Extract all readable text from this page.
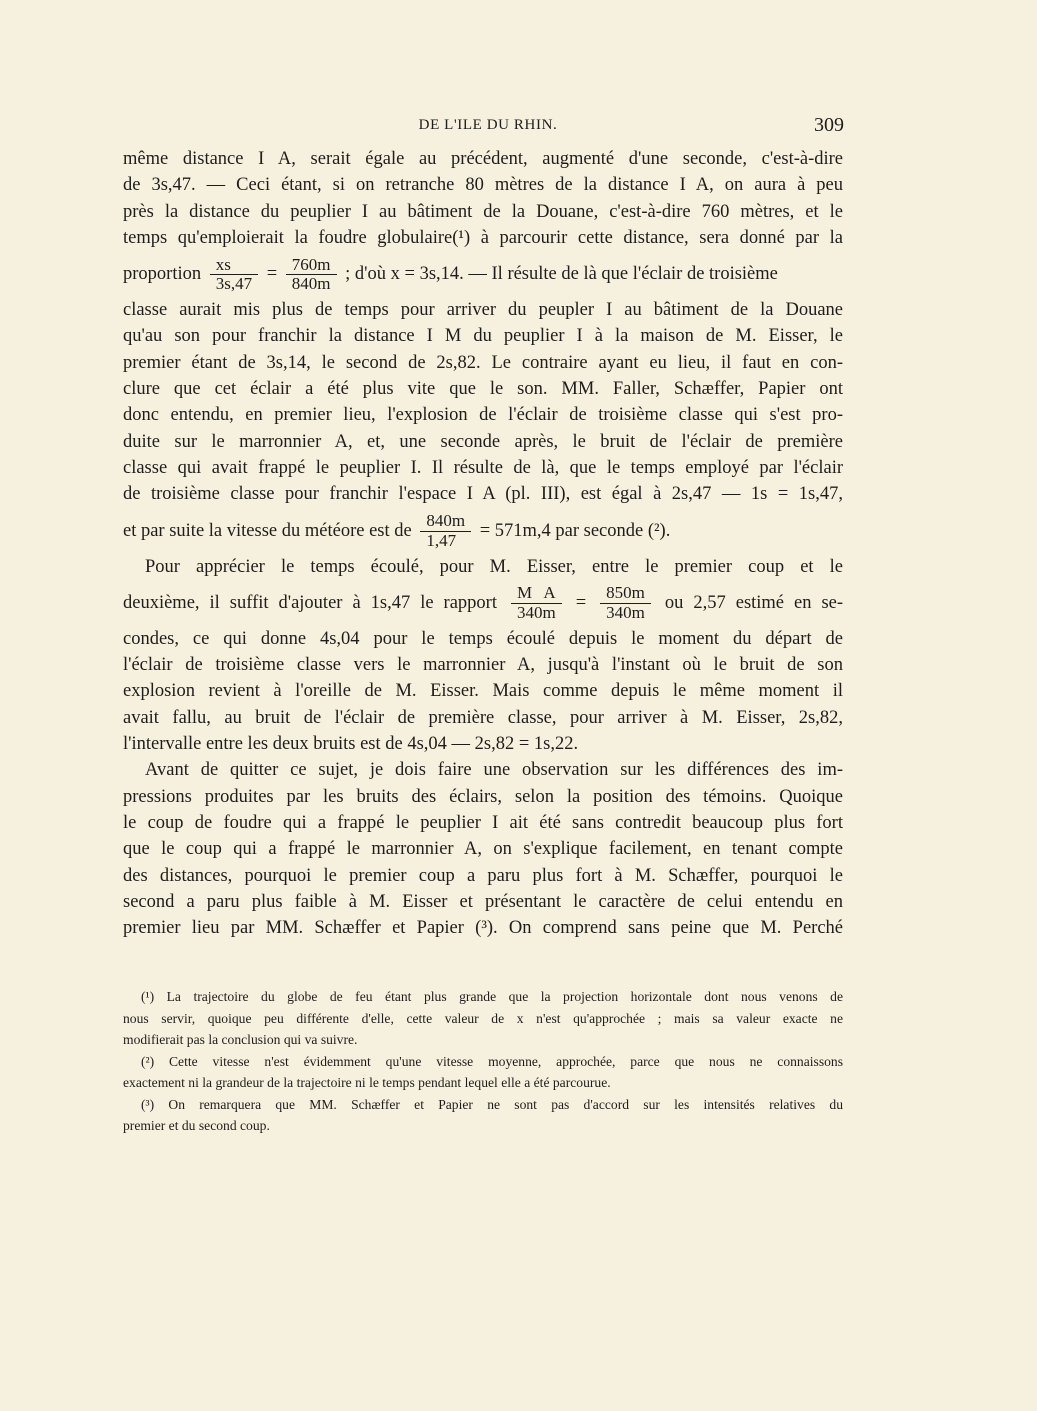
DE L'ILE DU RHIN.	309
même distance I A, serait égale au précédent, augmenté d'une seconde, c'est-à-dire
de 3s,47. — Ceci étant, si on retranche 80 mètres de la distance I A, on aura à peu
près la distance du peuplier I au bâtiment de la Douane, c'est-à-dire 760 mètres, et le
temps qu'emploierait la foudre globulaire(¹) à parcourir cette distance, sera donné par la
proportion $\frac{xs}{3s,47} = \frac{760m}{840m}$ ; d'où x = 3s,14. — Il résulte de là que l'éclair de troisième
classe aurait mis plus de temps pour arriver du peupler I au bâtiment de la Douane
qu'au son pour franchir la distance I M du peuplier I à la maison de M. Eisser, le
premier étant de 3s,14, le second de 2s,82. Le contraire ayant eu lieu, il faut en con-
clure que cet éclair a été plus vite que le son. MM. Faller, Schæffer, Papier ont
donc entendu, en premier lieu, l'explosion de l'éclair de troisième classe qui s'est pro-
duite sur le marronnier A, et, une seconde après, le bruit de l'éclair de première
classe qui avait frappé le peuplier I. Il résulte de là, que le temps employé par l'éclair
de troisième classe pour franchir l'espace I A (pl. III), est égal à 2s,47 — 1s = 1s,47,
et par suite la vitesse du météore est de $\frac{840m}{1,47} = 571m,4$ par seconde (²).
Pour apprécier le temps écoulé, pour M. Eisser, entre le premier coup et le
deuxième, il suffit d'ajouter à 1s,47 le rapport $\frac{\text{M A}}{340m} = \frac{850m}{340m}$ ou 2,57 estimé en se-
condes, ce qui donne 4s,04 pour le temps écoulé depuis le moment du départ de
l'éclair de troisième classe vers le marronnier A, jusqu'à l'instant où le bruit de son
explosion revient à l'oreille de M. Eisser. Mais comme depuis le même moment il
avait fallu, au bruit de l'éclair de première classe, pour arriver à M. Eisser, 2s,82,
l'intervalle entre les deux bruits est de 4s,04 — 2s,82 = 1s,22.
Avant de quitter ce sujet, je dois faire une observation sur les différences des im-
pressions produites par les bruits des éclairs, selon la position des témoins. Quoique
le coup de foudre qui a frappé le peuplier I ait été sans contredit beaucoup plus fort
que le coup qui a frappé le marronnier A, on s'explique facilement, en tenant compte
des distances, pourquoi le premier coup a paru plus fort à M. Schæffer, pourquoi le
second a paru plus faible à M. Eisser et présentant le caractère de celui entendu en
premier lieu par MM. Schæffer et Papier (³). On comprend sans peine que M. Perché
(¹) La trajectoire du globe de feu étant plus grande que la projection horizontale dont nous venons de
nous servir, quoique peu différente d'elle, cette valeur de x n'est qu'approchée ; mais sa valeur exacte ne
modifierait pas la conclusion qui va suivre.
(²) Cette vitesse n'est évidemment qu'une vitesse moyenne, approchée, parce que nous ne connaissons
exactement ni la grandeur de la trajectoire ni le temps pendant lequel elle a été parcourue.
(³) On remarquera que MM. Schæffer et Papier ne sont pas d'accord sur les intensités relatives du
premier et du second coup.
